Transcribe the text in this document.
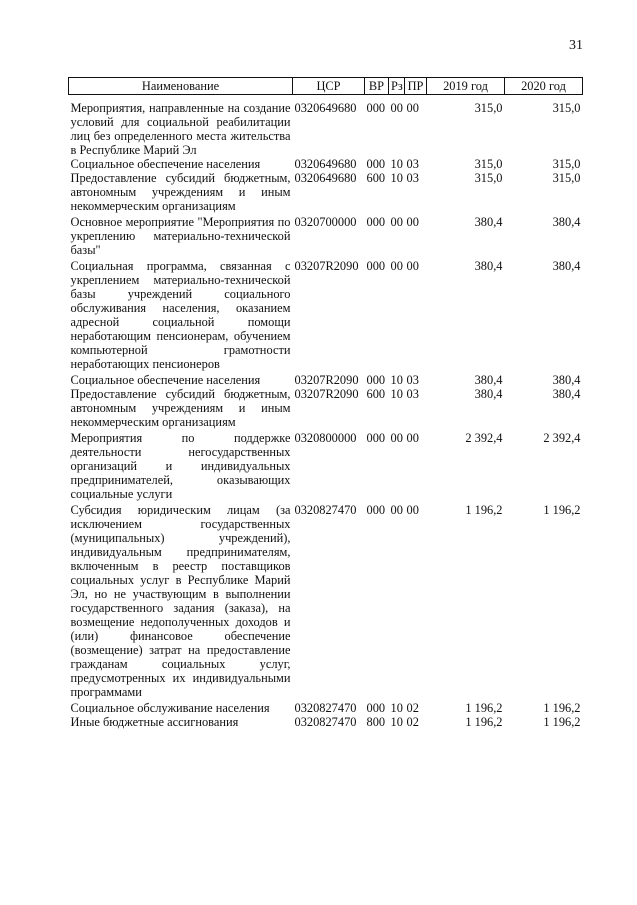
31
Наименование	ЦСР	ВР	Рз	ПР	2019 год	2020 год
Мероприятия, направленные на создание условий для социальной реабилитации лиц без определенного места жительства в Республике Марий Эл	0320649680	000	00	00	315,0	315,0
Социальное обеспечение населения	0320649680	000	10	03	315,0	315,0
Предоставление субсидий бюджетным, автономным учреждениям и иным некоммерческим организациям	0320649680	600	10	03	315,0	315,0
Основное мероприятие "Мероприятия по укреплению материально-технической базы"	0320700000	000	00	00	380,4	380,4
Социальная программа, связанная с укреплением материально-технической базы учреждений социального обслуживания населения, оказанием адресной социальной помощи неработающим пенсионерам, обучением компьютерной грамотности неработающих пенсионеров	03207R2090	000	00	00	380,4	380,4
Социальное обеспечение населения	03207R2090	000	10	03	380,4	380,4
Предоставление субсидий бюджетным, автономным учреждениям и иным некоммерческим организациям	03207R2090	600	10	03	380,4	380,4
Мероприятия по поддержке деятельности негосударственных организаций и индивидуальных предпринимателей, оказывающих социальные услуги	0320800000	000	00	00	2 392,4	2 392,4
Субсидия юридическим лицам (за исключением государственных (муниципальных) учреждений), индивидуальным предпринимателям, включенным в реестр поставщиков социальных услуг в Республике Марий Эл, но не участвующим в выполнении государственного задания (заказа), на возмещение недополученных доходов и (или) финансовое обеспечение (возмещение) затрат на предоставление гражданам социальных услуг, предусмотренных их индивидуальными программами	0320827470	000	00	00	1 196,2	1 196,2
Социальное обслуживание населения	0320827470	000	10	02	1 196,2	1 196,2
Иные бюджетные ассигнования	0320827470	800	10	02	1 196,2	1 196,2
